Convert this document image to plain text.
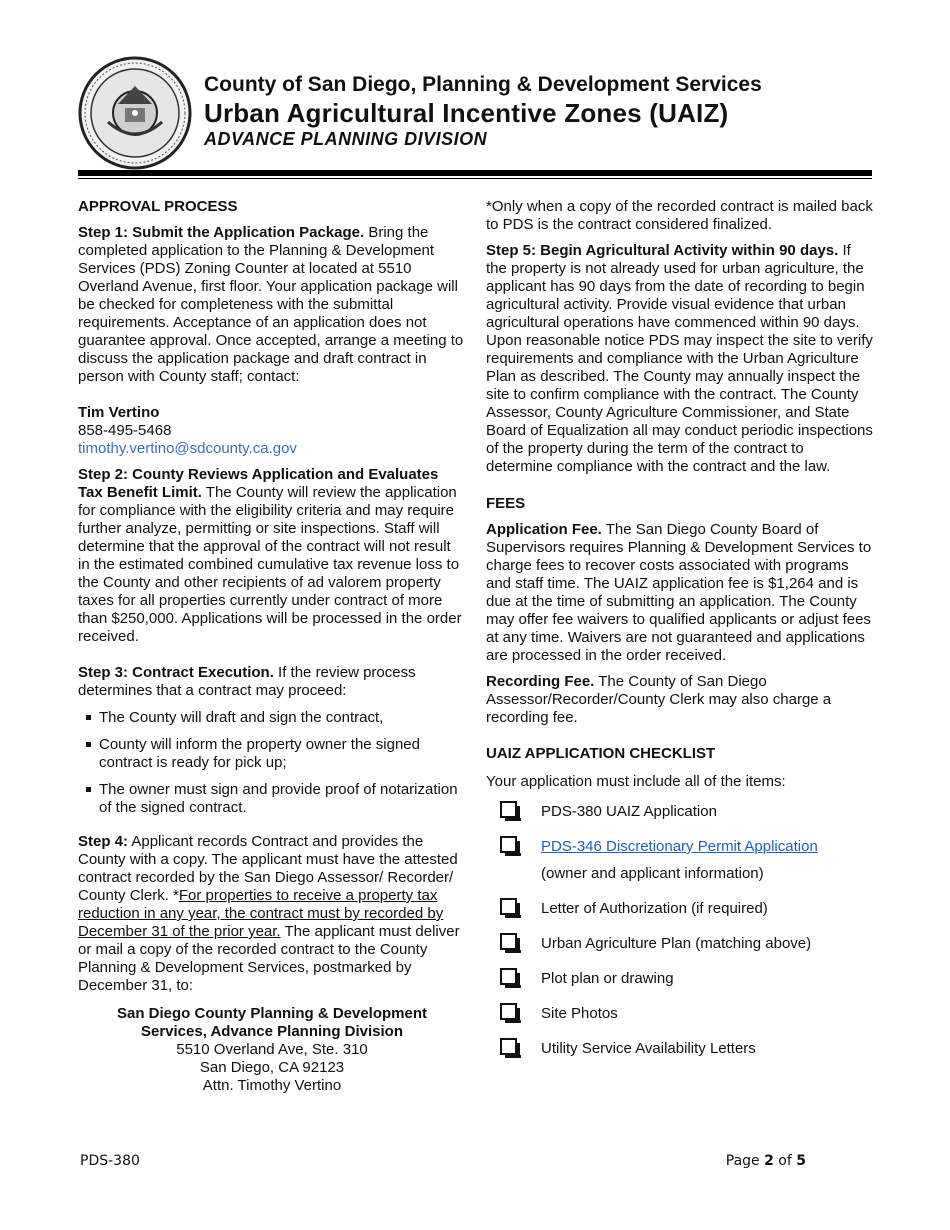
County of San Diego, Planning & Development Services
Urban Agricultural Incentive Zones (UAIZ)
ADVANCE PLANNING DIVISION

APPROVAL PROCESS

Step 1: Submit the Application Package. Bring the completed application to the Planning & Development Services (PDS) Zoning Counter at located at 5510 Overland Avenue, first floor. Your application package will be checked for completeness with the submittal requirements. Acceptance of an application does not guarantee approval. Once accepted, arrange a meeting to discuss the application package and draft contract in person with County staff; contact:

Tim Vertino

858-495-5468

timothy.vertino@sdcounty.ca.gov

Step 2: County Reviews Application and Evaluates Tax Benefit Limit. The County will review the application for compliance with the eligibility criteria and may require further analyze, permitting or site inspections. Staff will determine that the approval of the contract will not result in the estimated combined cumulative tax revenue loss to the County and other recipients of ad valorem property taxes for all properties currently under contract of more than $250,000. Applications will be processed in the order received.

Step 3: Contract Execution. If the review process determines that a contract may proceed:

The County will draft and sign the contract,
County will inform the property owner the signed contract is ready for pick up;
The owner must sign and provide proof of notarization of the signed contract.

Step 4: Applicant records Contract and provides the County with a copy. The applicant must have the attested contract recorded by the San Diego Assessor/ Recorder/ County Clerk. *For properties to receive a property tax reduction in any year, the contract must by recorded by December 31 of the prior year. The applicant must deliver or mail a copy of the recorded contract to the County Planning & Development Services, postmarked by December 31, to:

San Diego County Planning & Development

Services, Advance Planning Division

5510 Overland Ave, Ste. 310

San Diego, CA 92123

Attn. Timothy Vertino

*Only when a copy of the recorded contract is mailed back to PDS is the contract considered finalized.

Step 5: Begin Agricultural Activity within 90 days. If the property is not already used for urban agriculture, the applicant has 90 days from the date of recording to begin agricultural activity. Provide visual evidence that urban agricultural operations have commenced within 90 days. Upon reasonable notice PDS may inspect the site to verify requirements and compliance with the Urban Agriculture Plan as described. The County may annually inspect the site to confirm compliance with the contract. The County Assessor, County Agriculture Commissioner, and State Board of Equalization all may conduct periodic inspections of the property during the term of the contract to determine compliance with the contract and the law.

FEES

Application Fee. The San Diego County Board of Supervisors requires Planning & Development Services to charge fees to recover costs associated with programs and staff time. The UAIZ application fee is $1,264 and is due at the time of submitting an application. The County may offer fee waivers to qualified applicants or adjust fees at any time. Waivers are not guaranteed and applications are processed in the order received.

Recording Fee. The County of San Diego Assessor/Recorder/County Clerk may also charge a recording fee.

UAIZ APPLICATION CHECKLIST

Your application must include all of the items:

PDS-380 UAIZ Application
PDS-346 Discretionary Permit Application
(owner and applicant information)
Letter of Authorization (if required)
Urban Agriculture Plan (matching above)
Plot plan or drawing
Site Photos
Utility Service Availability Letters
PDS-380	Page 2 of 5
